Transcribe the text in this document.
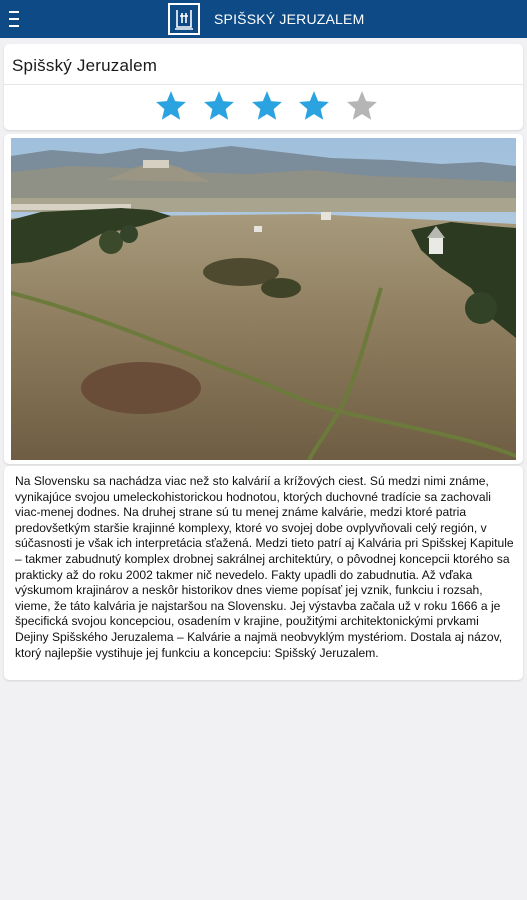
SPIŠSKÝ JERUZALEM
Spišský Jeruzalem
Na Slovensku sa nachádza viac než sto kalvárií a krížových ciest. Sú medzi nimi známe, vynikajúce svojou umeleckohistorickou hodnotou, ktorých duchovné tradície sa zachovali viac-menej dodnes. Na druhej strane sú tu menej známe kalvárie, medzi ktoré patria predovšetkým staršie krajinné komplexy, ktoré vo svojej dobe ovplyvňovali celý región, v súčasnosti je však ich interpretácia sťažená. Medzi tieto patrí aj Kalvária pri Spišskej Kapitule – takmer zabudnutý komplex drobnej sakrálnej architektúry, o pôvodnej koncepcii ktorého sa prakticky až do roku 2002 takmer nič nevedelo. Fakty upadli do zabudnutia. Až vďaka výskumom krajinárov a neskôr historikov dnes vieme popísať jej vznik, funkciu i rozsah, vieme, že táto kalvária je najstaršou na Slovensku. Jej výstavba začala už v roku 1666 a je špecifická svojou koncepciou, osadením v krajine, použitými architektonickými prvkami Dejiny Spišského Jeruzalema – Kalvárie a najmä neobvyklým mystériom. Dostala aj názov, ktorý najlepšie vystihuje jej funkciu a koncepciu: Spišský Jeruzalem.
